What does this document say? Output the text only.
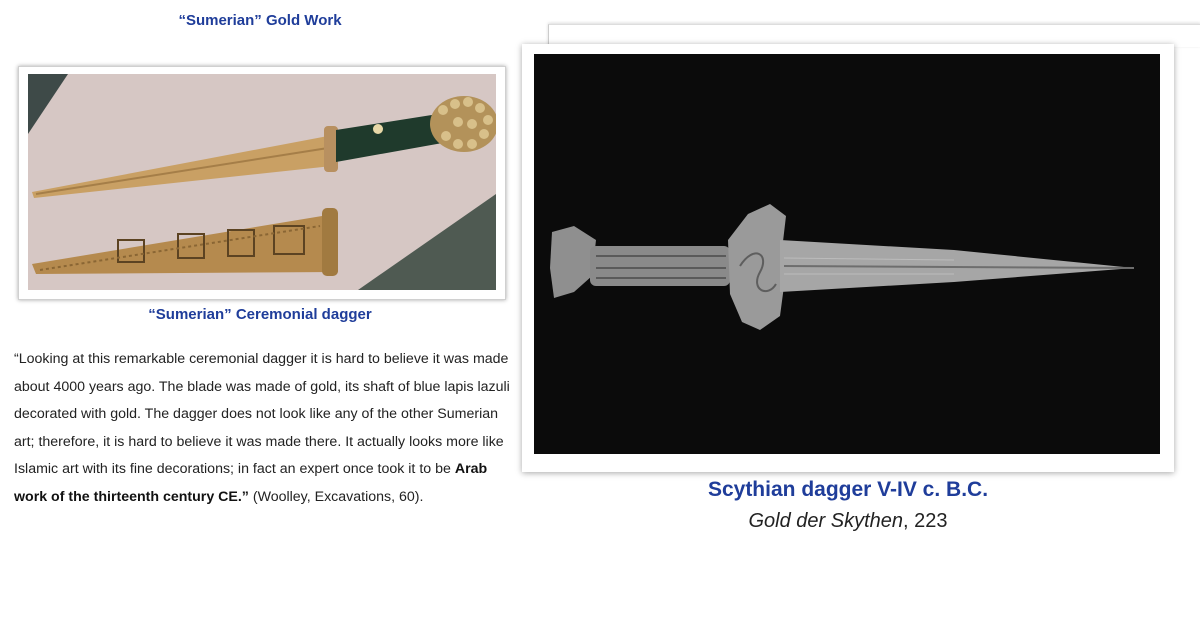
“Sumerian” Gold Work
“Sumerian” Ceremonial dagger
“Looking at this remarkable ceremonial dagger it is hard to believe it was made about 4000 years ago. The blade was made of gold, its shaft of blue lapis lazuli decorated with gold. The dagger does not look like any of the other Sumerian art; therefore, it is hard to believe it was made there. It actually looks more like Islamic art with its fine decorations; in fact an expert once took it to be Arab work of the thirteenth century CE.” (Woolley, Excavations, 60).	Scythian dagger V-IV c. B.C.
Gold der Skythen, 223
